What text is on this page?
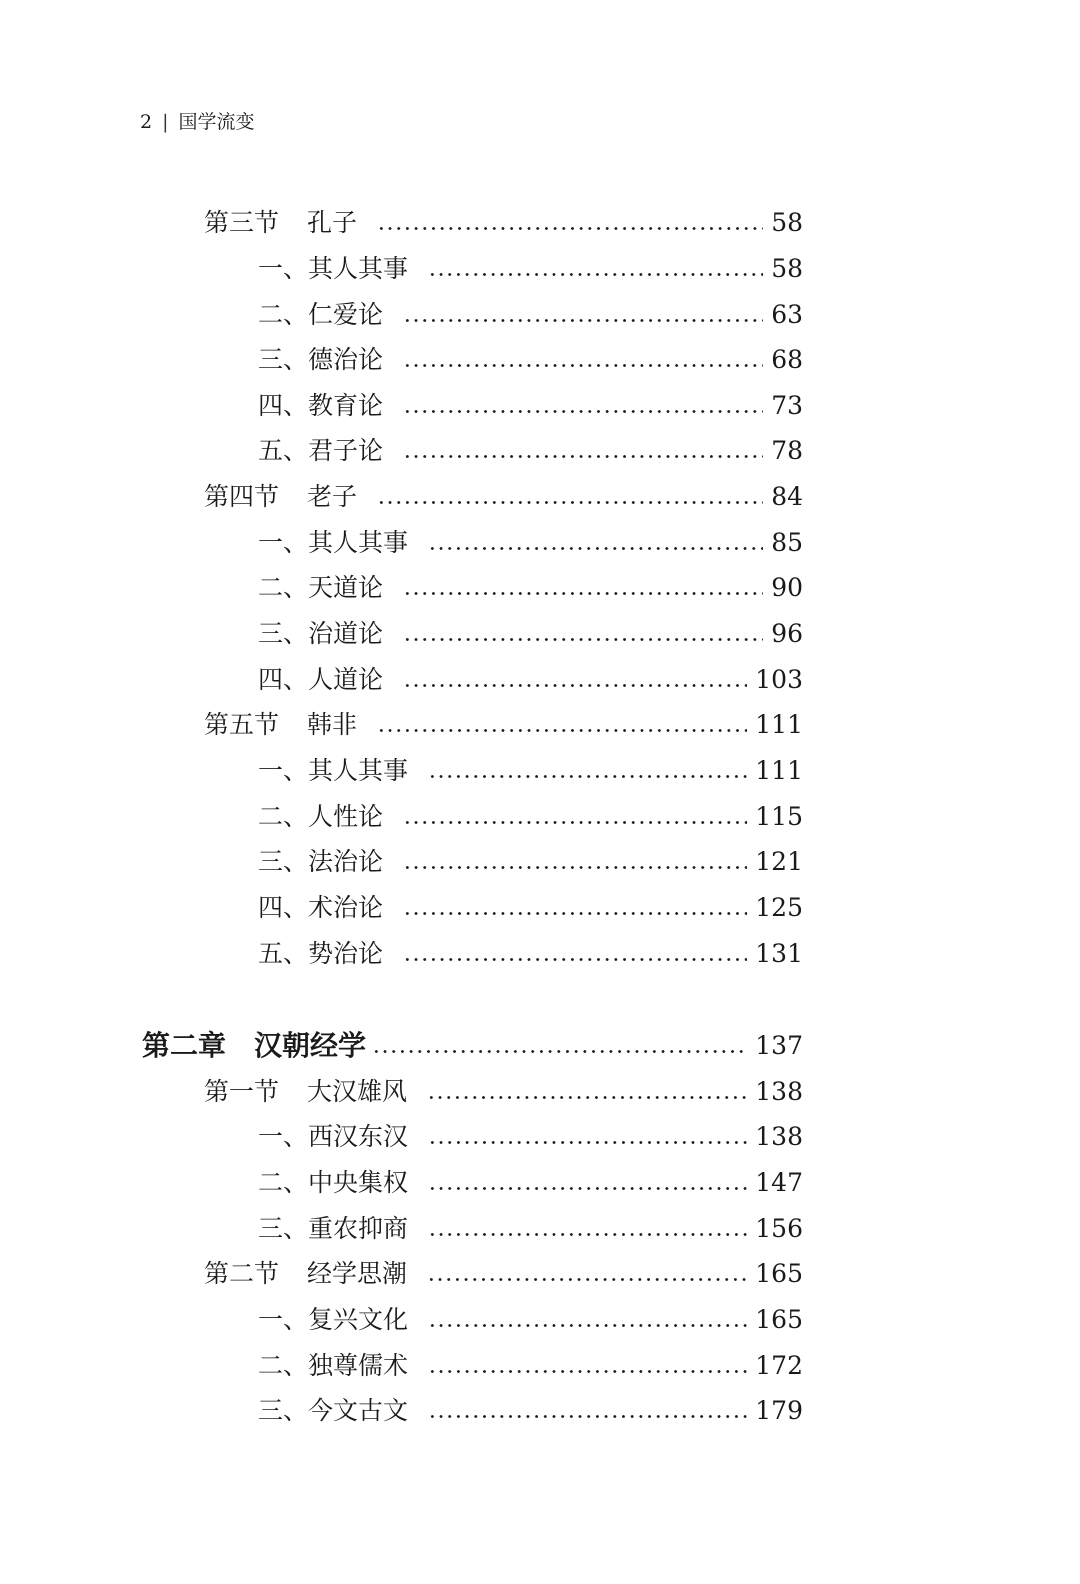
2 | 国学流变
第三节 孔子	58
一、其人其事	58
二、仁爱论	63
三、德治论	68
四、教育论	73
五、君子论	78
第四节 老子	84
一、其人其事	85
二、天道论	90
三、治道论	96
四、人道论	103
第五节 韩非	111
一、其人其事	111
二、人性论	115
三、法治论	121
四、术治论	125
五、势治论	131
第二章 汉朝经学	137
第一节 大汉雄风	138
一、西汉东汉	138
二、中央集权	147
三、重农抑商	156
第二节 经学思潮	165
一、复兴文化	165
二、独尊儒术	172
三、今文古文	179
